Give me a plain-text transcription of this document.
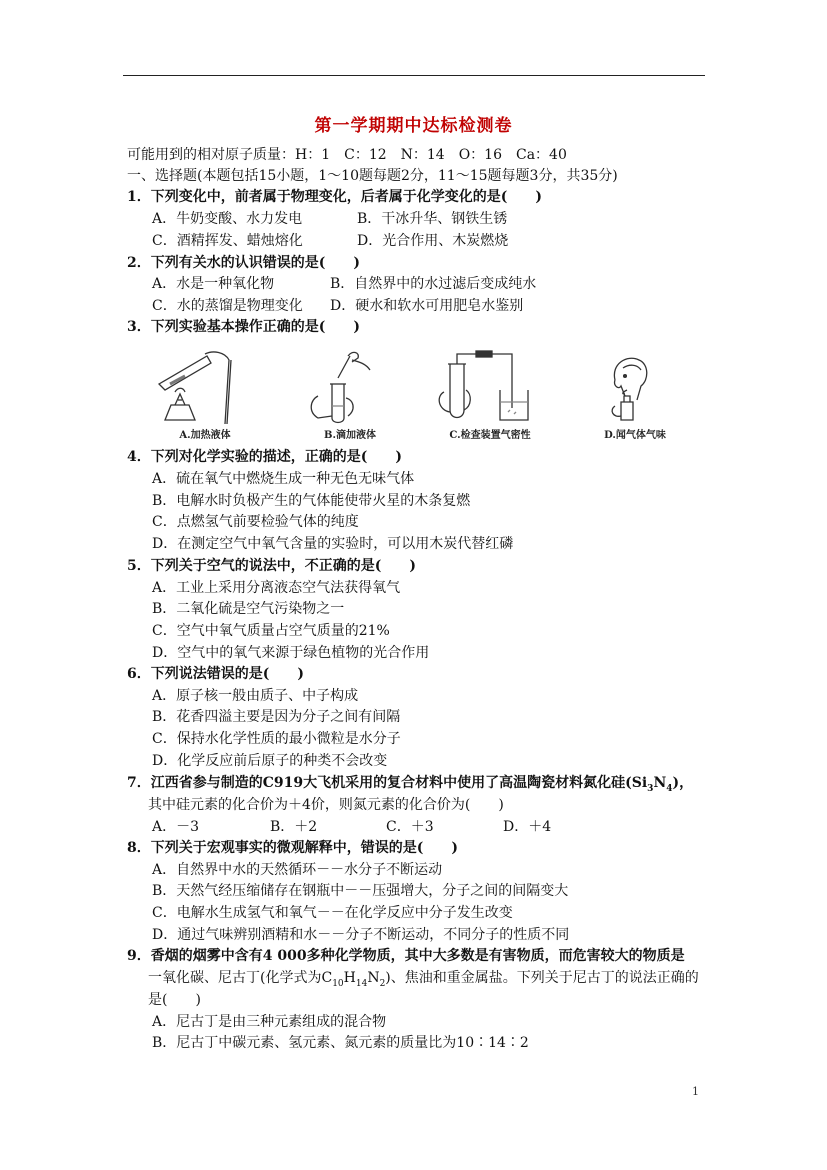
第一学期期中达标检测卷
可能用到的相对原子质量：H：1　C：12　N：14　O：16　Ca：40
一、选择题(本题包括15小题，1～10题每题2分，11～15题每题3分，共35分)
1．下列变化中，前者属于物理变化，后者属于化学变化的是(　　)
A．牛奶变酸、水力发电	B．干冰升华、钢铁生锈
C．酒精挥发、蜡烛熔化	D．光合作用、木炭燃烧
2．下列有关水的认识错误的是(　　)
A．水是一种氧化物	B．自然界中的水过滤后变成纯水
C．水的蒸馏是物理变化 D．硬水和软水可用肥皂水鉴别
3．下列实验基本操作正确的是(　　)
A.加热液体	B.滴加液体	C.检查装置气密性	D.闻气体气味
4．下列对化学实验的描述，正确的是(　　)
A．硫在氧气中燃烧生成一种无色无味气体
B．电解水时负极产生的气体能使带火星的木条复燃
C．点燃氢气前要检验气体的纯度
D．在测定空气中氧气含量的实验时，可以用木炭代替红磷
5．下列关于空气的说法中，不正确的是(　　)
A．工业上采用分离液态空气法获得氧气
B．二氧化硫是空气污染物之一
C．空气中氧气质量占空气质量的21%
D．空气中的氧气来源于绿色植物的光合作用
6．下列说法错误的是(　　)
A．原子核一般由质子、中子构成
B．花香四溢主要是因为分子之间有间隔
C．保持水化学性质的最小微粒是水分子
D．化学反应前后原子的种类不会改变
7．江西省参与制造的C919大飞机采用的复合材料中使用了高温陶瓷材料氮化硅$(Si_3N_4)$，
其中硅元素的化合价为＋4价，则氮元素的化合价为(　　)
A．－3	B．＋2	C．＋3	D．＋4
8．下列关于宏观事实的微观解释中，错误的是(　　)
A．自然界中水的天然循环－－水分子不断运动
B．天然气经压缩储存在钢瓶中－－压强增大，分子之间的间隔变大
C．电解水生成氢气和氧气－－在化学反应中分子发生改变
D．通过气味辨别酒精和水－－分子不断运动，不同分子的性质不同
9．香烟的烟雾中含有4 000多种化学物质，其中大多数是有害物质，而危害较大的物质是
一氧化碳、尼古丁(化学式为$C_{10}H_{14}N_2$)、焦油和重金属盐。下列关于尼古丁的说法正确的
是(　　)
A．尼古丁是由三种元素组成的混合物
B．尼古丁中碳元素、氢元素、氮元素的质量比为10∶14∶2
1
